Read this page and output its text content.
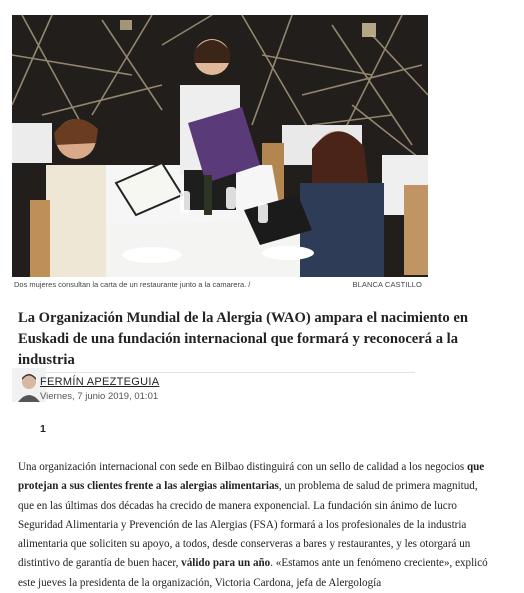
Dos mujeres consultan la carta de un restaurante junto a la camarera. /	BLANCA CASTILLO
La Organización Mundial de la Alergia (WAO) ampara el nacimiento en Euskadi de una fundación internacional que formará y reconocerá a la industria
FERMÍN APEZTEGUIA
Viernes, 7 junio 2019, 01:01
1

Una organización internacional con sede en Bilbao distinguirá con un sello de calidad a los negocios que protejan a sus clientes frente a las alergias alimentarias, un problema de salud de primera magnitud, que en las últimas dos décadas ha crecido de manera exponencial. La fundación sin ánimo de lucro Seguridad Alimentaria y Prevención de las Alergias (FSA) formará a los profesionales de la industria alimentaria que soliciten su apoyo, a todos, desde conserveras a bares y restaurantes, y les otorgará un distintivo de garantía de buen hacer, válido para un año. «Estamos ante un fenómeno creciente», explicó este jueves la presidenta de la organización, Victoria Cardona, jefa de Alergología
